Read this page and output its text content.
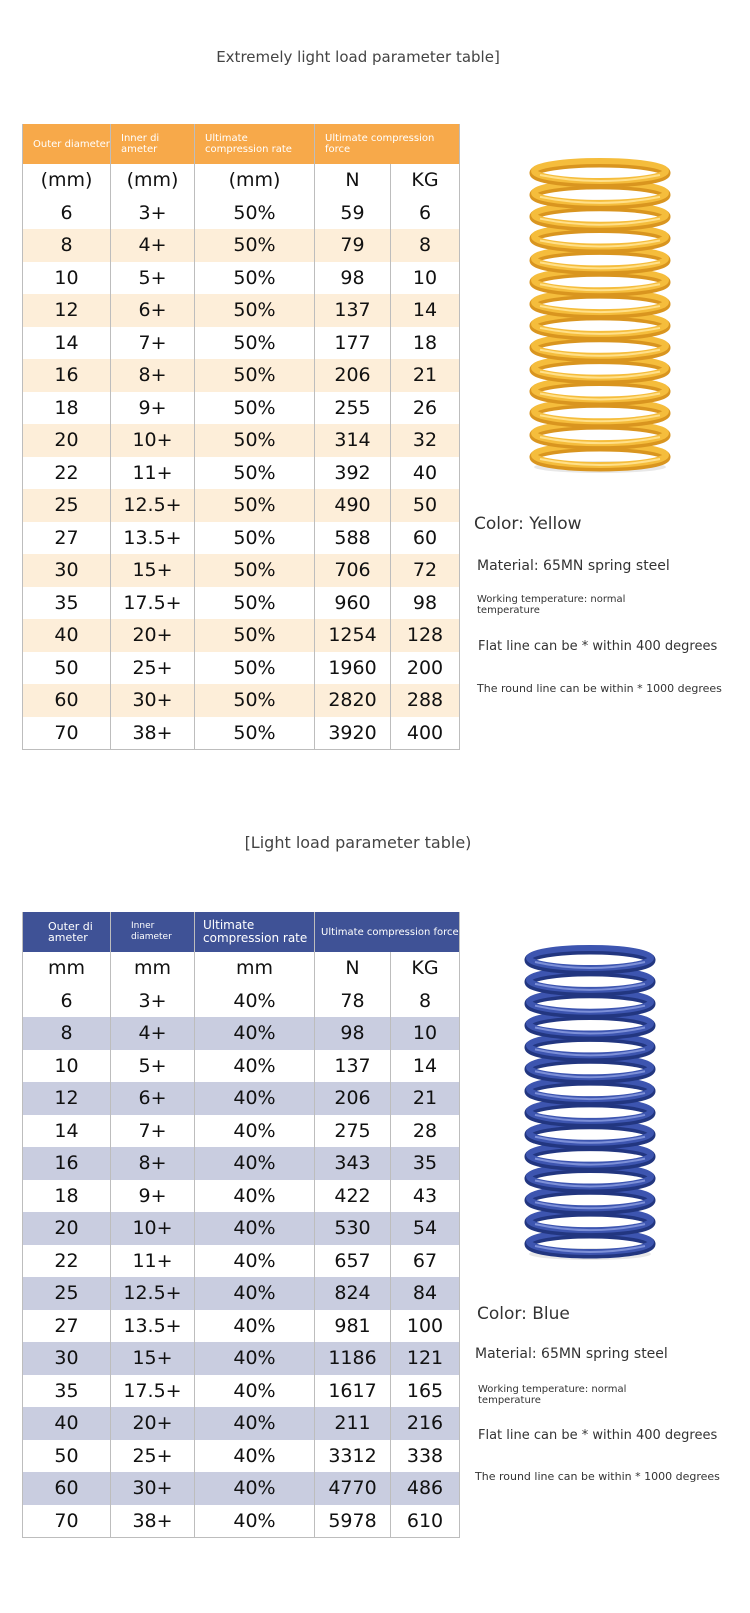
Extremely light load parameter table]
Outer diameter	Inner di ameter	Ultimate compression rate	Ultimate compression force	
(mm)	(mm)	(mm)	N	KG
6	3+	50%	59	6
8	4+	50%	79	8
10	5+	50%	98	10
12	6+	50%	137	14
14	7+	50%	177	18
16	8+	50%	206	21
18	9+	50%	255	26
20	10+	50%	314	32
22	11+	50%	392	40
25	12.5+	50%	490	50
27	13.5+	50%	588	60
30	15+	50%	706	72
35	17.5+	50%	960	98
40	20+	50%	1254	128
50	25+	50%	1960	200
60	30+	50%	2820	288
70	38+	50%	3920	400
Color: Yellow
Material: 65MN spring steel
Working temperature: normal temperature
Flat line can be * within 400 degrees
The round line can be within * 1000 degrees
[Light load parameter table)
Outer di ameter	Inner diameter	Ultimate compression rate	Ultimate compression force	
mm	mm	mm	N	KG
6	3+	40%	78	8
8	4+	40%	98	10
10	5+	40%	137	14
12	6+	40%	206	21
14	7+	40%	275	28
16	8+	40%	343	35
18	9+	40%	422	43
20	10+	40%	530	54
22	11+	40%	657	67
25	12.5+	40%	824	84
27	13.5+	40%	981	100
30	15+	40%	1186	121
35	17.5+	40%	1617	165
40	20+	40%	211	216
50	25+	40%	3312	338
60	30+	40%	4770	486
70	38+	40%	5978	610
Color: Blue
Material: 65MN spring steel
Working temperature: normal temperature
Flat line can be * within 400 degrees
The round line can be within * 1000 degrees
